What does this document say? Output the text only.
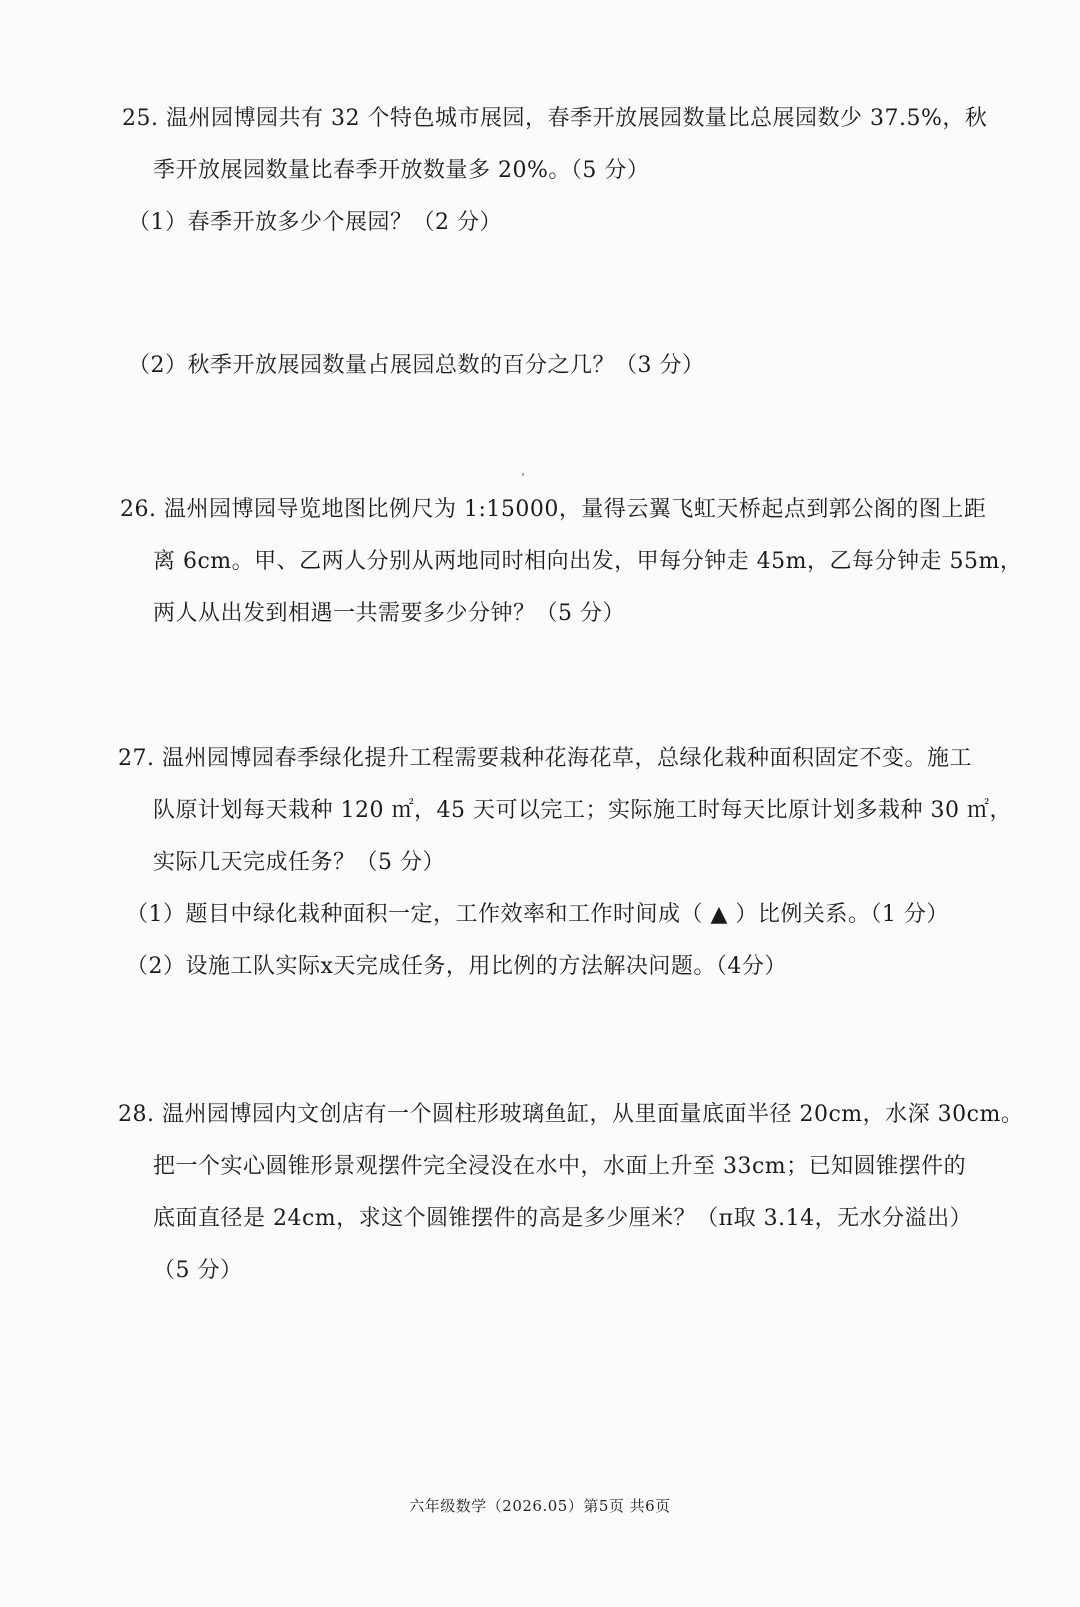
25. 温州园博园共有 32 个特色城市展园，春季开放展园数量比总展园数少 37.5%，秋
季开放展园数量比春季开放数量多 20%。（5 分）
（1）春季开放多少个展园？（2 分）
（2）秋季开放展园数量占展园总数的百分之几？（3 分）
26. 温州园博园导览地图比例尺为 1:15000，量得云翼飞虹天桥起点到郭公阁的图上距
离 6cm。甲、乙两人分别从两地同时相向出发，甲每分钟走 45m，乙每分钟走 55m，
两人从出发到相遇一共需要多少分钟？（5 分）
27. 温州园博园春季绿化提升工程需要栽种花海花草，总绿化栽种面积固定不变。施工
队原计划每天栽种 120 ㎡，45 天可以完工；实际施工时每天比原计划多栽种 30 ㎡，
实际几天完成任务？（5 分）
（1）题目中绿化栽种面积一定，工作效率和工作时间成（ ▲ ）比例关系。（1 分）
（2）设施工队实际x天完成任务，用比例的方法解决问题。（4分）
28. 温州园博园内文创店有一个圆柱形玻璃鱼缸，从里面量底面半径 20cm，水深 30cm。
把一个实心圆锥形景观摆件完全浸没在水中，水面上升至 33cm；已知圆锥摆件的
底面直径是 24cm，求这个圆锥摆件的高是多少厘米？（π取 3.14，无水分溢出）
（5 分）
六年级数学（2026.05）第5页 共6页
